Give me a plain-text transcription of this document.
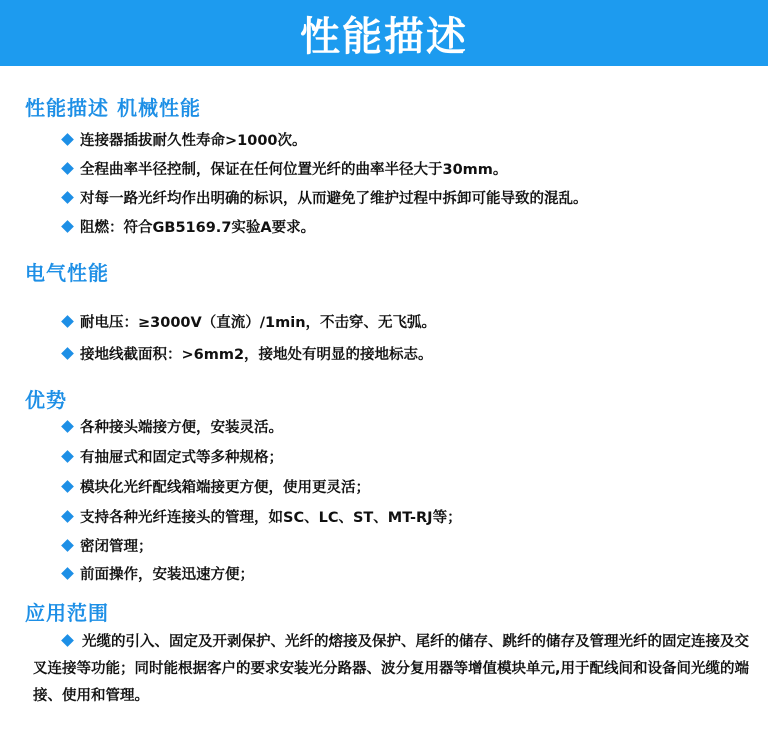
性能描述
性能描述 机械性能
连接器插拔耐久性寿命>1000次。
全程曲率半径控制，保证在任何位置光纤的曲率半径大于30mm。
对每一路光纤均作出明确的标识，从而避免了维护过程中拆卸可能导致的混乱。
阻燃：符合GB5169.7实验A要求。
电气性能
耐电压：≥3000V（直流）/1min，不击穿、无飞弧。
接地线截面积：>6mm2，接地处有明显的接地标志。
优势
各种接头端接方便，安装灵活。
有抽屉式和固定式等多种规格；
模块化光纤配线箱端接更方便，使用更灵活；
支持各种光纤连接头的管理，如SC、LC、ST、MT-RJ等；
密闭管理；
前面操作，安装迅速方便；
应用范围
光缆的引入、固定及开剥保护、光纤的熔接及保护、尾纤的储存、跳纤的储存及管理光纤的固定连接及交叉连接等功能；同时能根据客户的要求安装光分路器、波分复用器等增值模块单元,用于配线间和设备间光缆的端接、使用和管理。
